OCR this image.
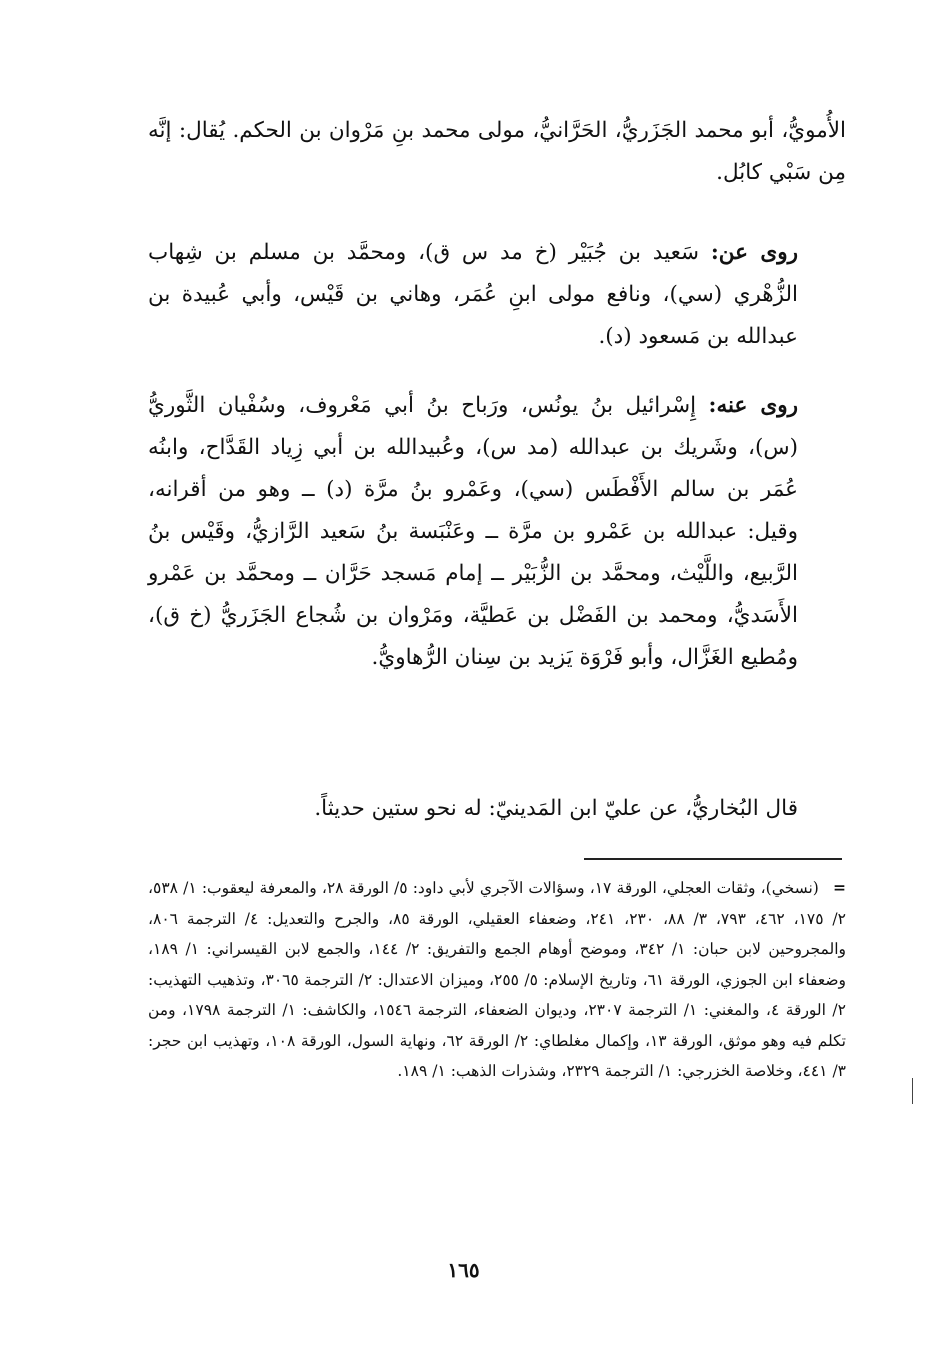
الأُمويُّ، أبو محمد الجَزَريُّ، الحَرَّانيُّ، مولى محمد بنِ مَرْوان بن الحكم. يُقال: إنَّه مِن سَبْي كابُل.

روى عن: سَعيد بن جُبَيْر (خ مد س ق)، ومحمَّد بن مسلم بن شِهاب الزُّهْري (سي)، ونافع مولى ابنِ عُمَر، وهاني بن قَيْس، وأبي عُبيدة بن عبدالله بن مَسعود (د).

روى عنه: إِسْرائيل بنُ يونُس، ورَباح بنُ أبي مَعْروف، وسُفْيان الثَّوريُّ (س)، وشَريك بن عبدالله (مد س)، وعُبيدالله بن أبي زِياد القَدَّاح، وابنُه عُمَر بن سالم الأَفْطَس (سي)، وعَمْرو بنُ مرَّة (د) ــ وهو من أقرانه، وقيل: عبدالله بن عَمْرو بن مرَّة ــ وعَنْبَسة بنُ سَعيد الرَّازيُّ، وقَيْس بنُ الرَّبيع، واللَّيْث، ومحمَّد بن الزُّبَيْر ــ إمام مَسجد حَرَّان ــ ومحمَّد بن عَمْرو الأَسَديُّ، ومحمد بن الفَضْل بن عَطيَّة، ومَرْوان بن شُجاع الجَزَريُّ (خ ق)، ومُطيع الغَزَّال، وأبو فَرْوَة يَزيد بن سِنان الرُّهاويُّ.

قال البُخاريُّ، عن عليّ ابن المَدينيّ: له نحو ستين حديثاً.

= (نسخي)، وثقات العجلي، الورقة ١٧، وسؤالات الآجري لأبي داود: ٥/ الورقة ٢٨، والمعرفة ليعقوب: ١/ ٥٣٨، ٢/ ١٧٥، ٤٦٢، ٧٩٣، ٣/ ٨٨، ٢٣٠، ٢٤١، وضعفاء العقيلي، الورقة ٨٥، والجرح والتعديل: ٤/ الترجمة ٨٠٦، والمجروحين لابن حبان: ١/ ٣٤٢، وموضح أوهام الجمع والتفريق: ٢/ ١٤٤، والجمع لابن القيسراني: ١/ ١٨٩، وضعفاء ابن الجوزي، الورقة ٦١، وتاريخ الإسلام: ٥/ ٢٥٥، وميزان الاعتدال: ٢/ الترجمة ٣٠٦٥، وتذهيب التهذيب: ٢/ الورقة ٤، والمغني: ١/ الترجمة ٢٣٠٧، وديوان الضعفاء، الترجمة ١٥٤٦، والكاشف: ١/ الترجمة ١٧٩٨، ومن تكلم فيه وهو موثق، الورقة ١٣، وإكمال مغلطاي: ٢/ الورقة ٦٢، ونهاية السول، الورقة ١٠٨، وتهذيب ابن حجر: ٣/ ٤٤١، وخلاصة الخزرجي: ١/ الترجمة ٢٣٢٩، وشذرات الذهب: ١/ ١٨٩.

١٦٥
